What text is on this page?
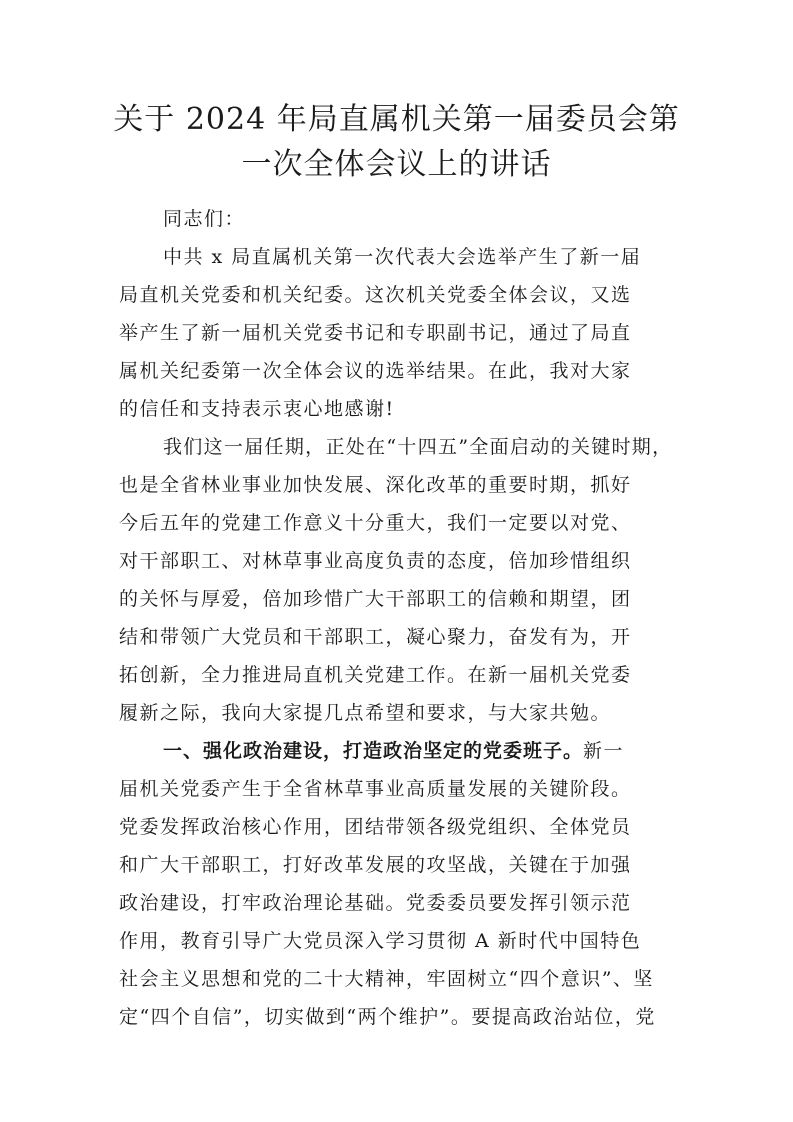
关于 2024 年局直属机关第一届委员会第
一次全体会议上的讲话
同志们：
中共 x 局直属机关第一次代表大会选举产生了新一届
局直机关党委和机关纪委。这次机关党委全体会议，又选
举产生了新一届机关党委书记和专职副书记，通过了局直
属机关纪委第一次全体会议的选举结果。在此，我对大家
的信任和支持表示衷心地感谢!
我们这一届任期，正处在“十四五”全面启动的关键时期，
也是全省林业事业加快发展、深化改革的重要时期，抓好
今后五年的党建工作意义十分重大，我们一定要以对党、
对干部职工、对林草事业高度负责的态度，倍加珍惜组织
的关怀与厚爱，倍加珍惜广大干部职工的信赖和期望，团
结和带领广大党员和干部职工，凝心聚力，奋发有为，开
拓创新，全力推进局直机关党建工作。在新一届机关党委
履新之际，我向大家提几点希望和要求，与大家共勉。
一、强化政治建设，打造政治坚定的党委班子。新一
届机关党委产生于全省林草事业高质量发展的关键阶段。
党委发挥政治核心作用，团结带领各级党组织、全体党员
和广大干部职工，打好改革发展的攻坚战，关键在于加强
政治建设，打牢政治理论基础。党委委员要发挥引领示范
作用，教育引导广大党员深入学习贯彻 A 新时代中国特色
社会主义思想和党的二十大精神，牢固树立“四个意识”、坚
定“四个自信”，切实做到“两个维护”。要提高政治站位，党
